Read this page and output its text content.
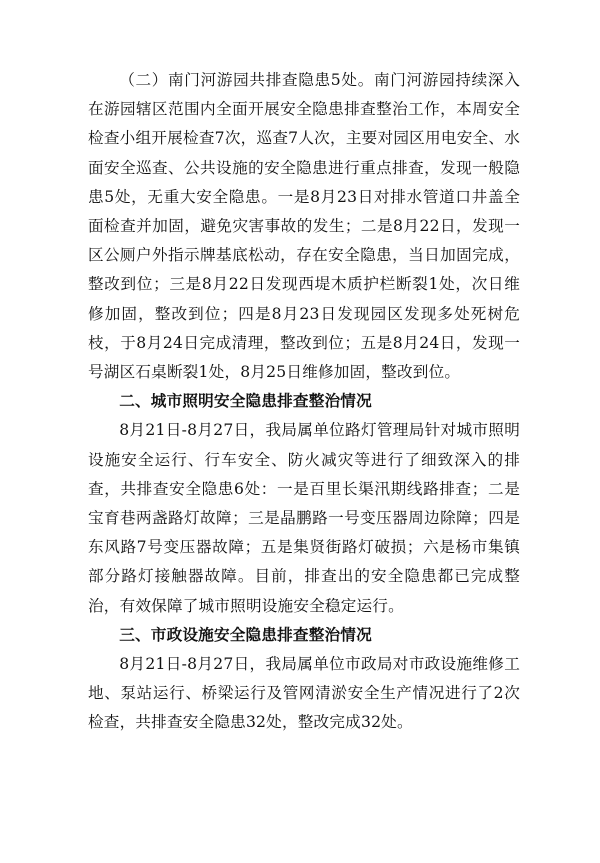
（二）南门河游园共排查隐患5处。南门河游园持续深入在游园辖区范围内全面开展安全隐患排查整治工作，本周安全检查小组开展检查7次，巡查7人次，主要对园区用电安全、水面安全巡查、公共设施的安全隐患进行重点排查，发现一般隐患5处，无重大安全隐患。一是8月23日对排水管道口井盖全面检查并加固，避免灾害事故的发生；二是8月22日，发现一区公厕户外指示牌基底松动，存在安全隐患，当日加固完成，整改到位；三是8月22日发现西堤木质护栏断裂1处，次日维修加固，整改到位；四是8月23日发现园区发现多处死树危枝，于8月24日完成清理，整改到位；五是8月24日，发现一号湖区石桌断裂1处，8月25日维修加固，整改到位。

二、城市照明安全隐患排查整治情况

8月21日-8月27日，我局属单位路灯管理局针对城市照明设施安全运行、行车安全、防火减灾等进行了细致深入的排查，共排查安全隐患6处：一是百里长渠汛期线路排查；二是宝育巷两盏路灯故障；三是晶鹏路一号变压器周边除障；四是东风路7号变压器故障；五是集贤街路灯破损；六是杨市集镇部分路灯接触器故障。目前，排查出的安全隐患都已完成整治，有效保障了城市照明设施安全稳定运行。

三、市政设施安全隐患排查整治情况

8月21日-8月27日，我局属单位市政局对市政设施维修工地、泵站运行、桥梁运行及管网清淤安全生产情况进行了2次检查，共排查安全隐患32处，整改完成32处。
